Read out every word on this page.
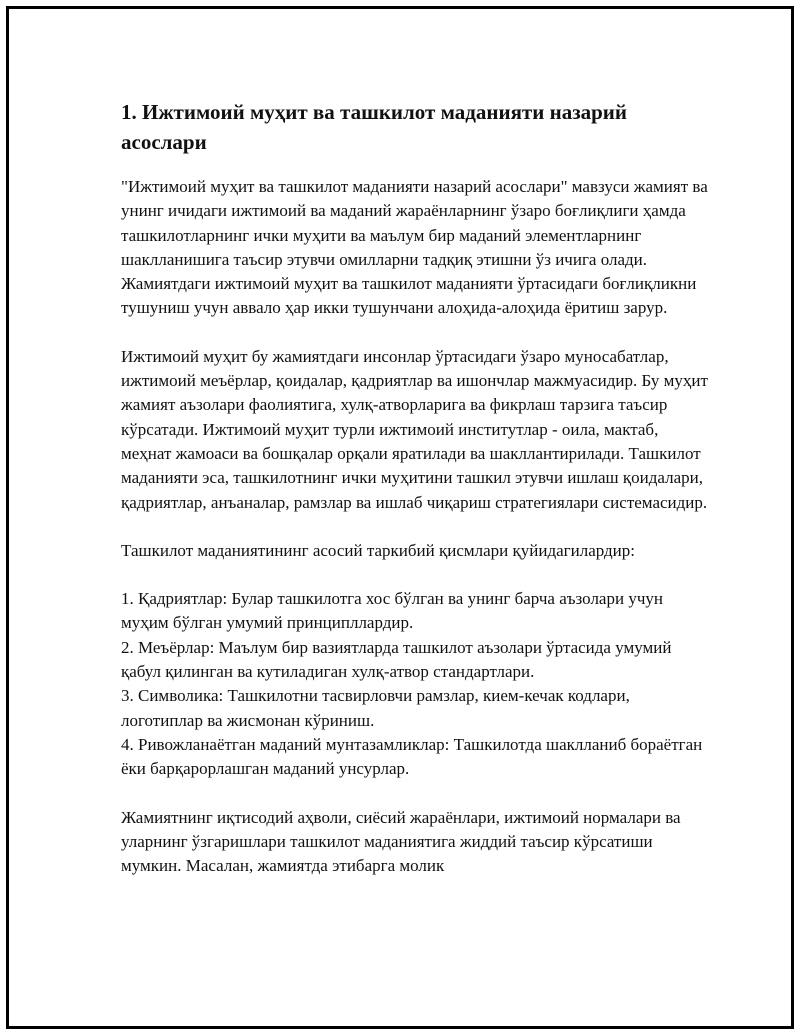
1. Ижтимоий муҳит ва ташкилот маданияти назарий асослари

"Ижтимоий муҳит ва ташкилот маданияти назарий асослари" мавзуси жамият ва унинг ичидаги ижтимоий ва маданий жараёнларнинг ўзаро боғлиқлиги ҳамда ташкилотларнинг ички муҳити ва маълум бир маданий элементларнинг шаклланишига таъсир этувчи омилларни тадқиқ этишни ўз ичига олади. Жамиятдаги ижтимоий муҳит ва ташкилот маданияти ўртасидаги боғлиқликни тушуниш учун аввало ҳар икки тушунчани алоҳида-алоҳида ёритиш зарур.

Ижтимоий муҳит бу жамиятдаги инсонлар ўртасидаги ўзаро муносабатлар, ижтимоий меъёрлар, қоидалар, қадриятлар ва ишончлар мажмуасидир. Бу муҳит жамият аъзолари фаолиятига, хулқ-атворларига ва фикрлаш тарзига таъсир кўрсатади. Ижтимоий муҳит турли ижтимоий институтлар - оила, мактаб, меҳнат жамоаси ва бошқалар орқали яратилади ва шакллантирилади. Ташкилот маданияти эса, ташкилотнинг ички муҳитини ташкил этувчи ишлаш қоидалари, қадриятлар, анъаналар, рамзлар ва ишлаб чиқариш стратегиялари системасидир.

Ташкилот маданиятининг асосий таркибий қисмлари қуйидагилардир:

1. Қадриятлар: Булар ташкилотга хос бўлган ва унинг барча аъзолари учун муҳим бўлган умумий принципллардир.
2. Меъёрлар: Маълум бир вазиятларда ташкилот аъзолари ўртасида умумий қабул қилинган ва кутиладиган хулқ-атвор стандартлари.
3. Символика: Ташкилотни тасвирловчи рамзлар, кием-кечак кодлари, логотиплар ва жисмонан кўриниш.
4. Ривожланаётган маданий мунтазамликлар: Ташкилотда шаклланиб бораётган ёки барқарорлашган маданий унсурлар.

Жамиятнинг иқтисодий аҳволи, сиёсий жараёнлари, ижтимоий нормалари ва уларнинг ўзгаришлари ташкилот маданиятига жиддий таъсир кўрсатиши мумкин. Масалан, жамиятда этибарга молик
